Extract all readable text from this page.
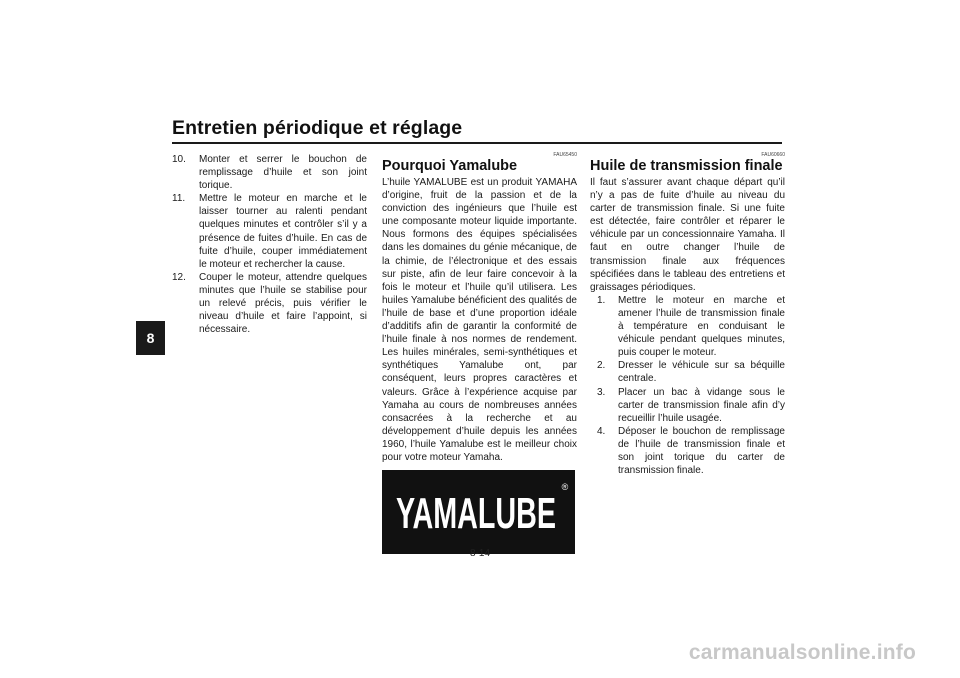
Entretien périodique et réglage
8
10.	Monter et serrer le bouchon de remplissage d’huile et son joint torique.
11.	Mettre le moteur en marche et le laisser tourner au ralenti pendant quelques minutes et contrôler s’il y a présence de fuites d’huile. En cas de fuite d’huile, couper immédiatement le moteur et rechercher la cause.
12.	Couper le moteur, attendre quelques minutes que l’huile se stabilise pour un relevé précis, puis vérifier le niveau d’huile et faire l’appoint, si nécessaire.
FAU65450
Pourquoi Yamalube

L’huile YAMALUBE est un produit YAMAHA d’origine, fruit de la passion et de la conviction des ingénieurs que l’huile est une composante moteur liquide importante. Nous formons des équipes spécialisées dans les domaines du génie mécanique, de la chimie, de l’électronique et des essais sur piste, afin de leur faire concevoir à la fois le moteur et l’huile qu’il utilisera. Les huiles Yamalube bénéficient des qualités de l’huile de base et d’une proportion idéale d’additifs afin de garantir la conformité de l’huile finale à nos normes de rendement. Les huiles minérales, semi-synthétiques et synthétiques Yamalube ont, par conséquent, leurs propres caractères et valeurs. Grâce à l’expérience acquise par Yamaha au cours de nombreuses années consacrées à la recherche et au développement d’huile depuis les années 1960, l’huile Yamalube est le meilleur choix pour votre moteur Yamaha.

YAMALUBE
®
FAU60660
Huile de transmission finale

Il faut s’assurer avant chaque départ qu’il n’y a pas de fuite d’huile au niveau du carter de transmission finale. Si une fuite est détectée, faire contrôler et réparer le véhicule par un concessionnaire Yamaha. Il faut en outre changer l’huile de transmission finale aux fréquences spécifiées dans le tableau des entretiens et graissages périodiques.

1.	Mettre le moteur en marche et amener l’huile de transmission finale à température en conduisant le véhicule pendant quelques minutes, puis couper le moteur.
2.	Dresser le véhicule sur sa béquille centrale.
3.	Placer un bac à vidange sous le carter de transmission finale afin d’y recueillir l’huile usagée.
4.	Déposer le bouchon de remplissage de l’huile de transmission finale et son joint torique du carter de transmission finale.
8-14
carmanualsonline.info
